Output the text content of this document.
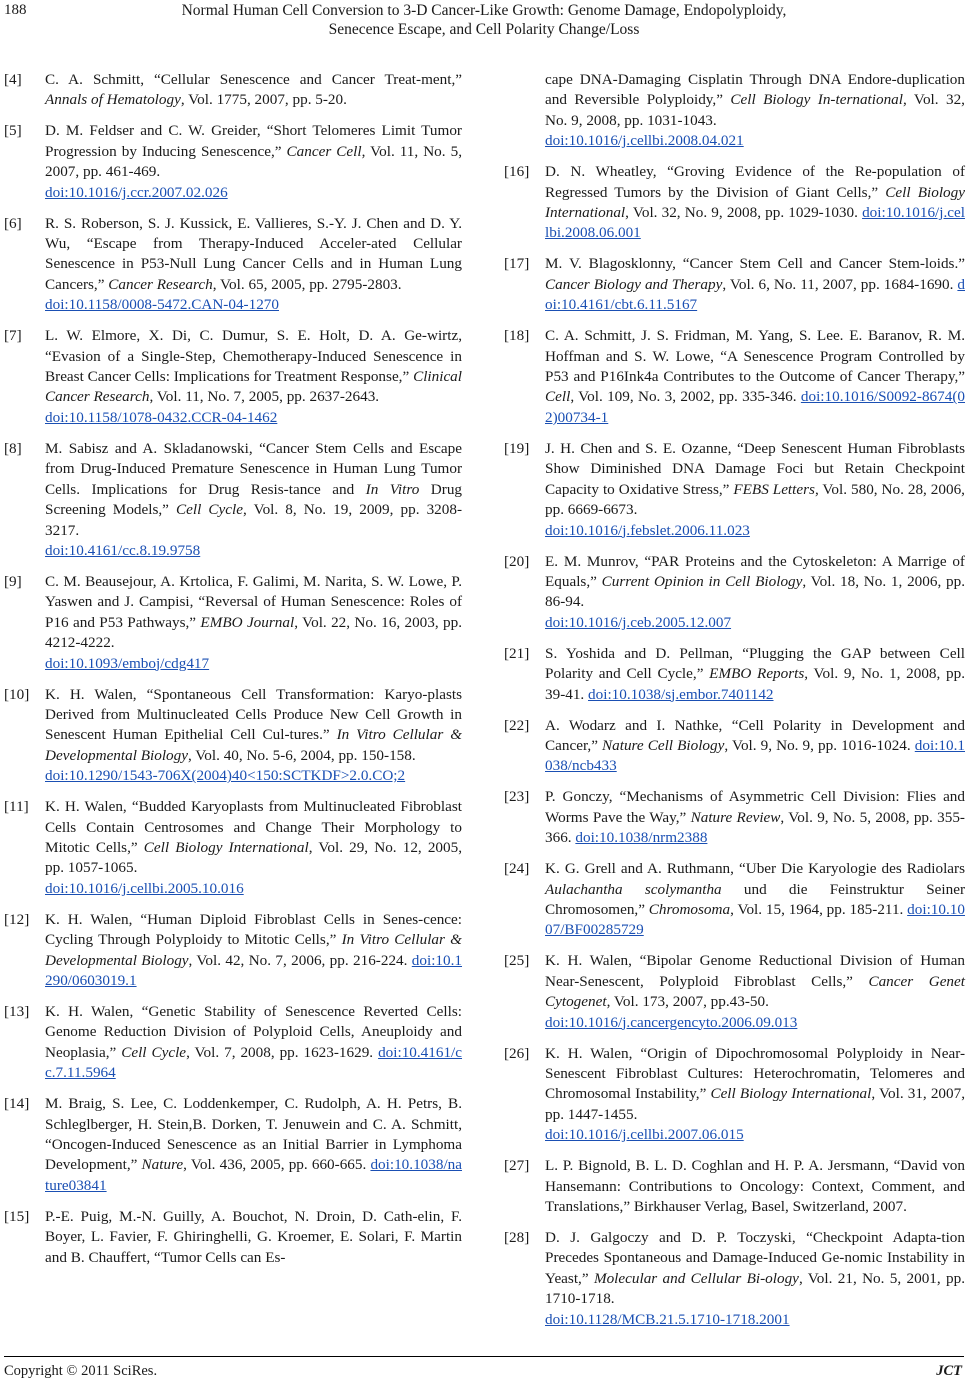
188	Normal Human Cell Conversion to 3-D Cancer-Like Growth: Genome Damage, Endopolyploidy,
Senecence Escape, and Cell Polarity Change/Loss
[4] C. A. Schmitt, “Cellular Senescence and Cancer Treat-ment,” Annals of Hematology, Vol. 1775, 2007, pp. 5-20.
[5] D. M. Feldser and C. W. Greider, “Short Telomeres Limit Tumor Progression by Inducing Senescence,” Cancer Cell, Vol. 11, No. 5, 2007, pp. 461-469.
doi:10.1016/j.ccr.2007.02.026
[6] R. S. Roberson, S. J. Kussick, E. Vallieres, S.-Y. J. Chen and D. Y. Wu, “Escape from Therapy-Induced Acceler-ated Cellular Senescence in P53-Null Lung Cancer Cells and in Human Lung Cancers,” Cancer Research, Vol. 65, 2005, pp. 2795-2803.
doi:10.1158/0008-5472.CAN-04-1270
[7] L. W. Elmore, X. Di, C. Dumur, S. E. Holt, D. A. Ge-wirtz, “Evasion of a Single-Step, Chemotherapy-Induced Senescence in Breast Cancer Cells: Implications for Treatment Response,” Clinical Cancer Research, Vol. 11, No. 7, 2005, pp. 2637-2643.
doi:10.1158/1078-0432.CCR-04-1462
[8] M. Sabisz and A. Skladanowski, “Cancer Stem Cells and Escape from Drug-Induced Premature Senescence in Human Lung Tumor Cells. Implications for Drug Resis-tance and In Vitro Drug Screening Models,” Cell Cycle, Vol. 8, No. 19, 2009, pp. 3208-3217.
doi:10.4161/cc.8.19.9758
[9] C. M. Beausejour, A. Krtolica, F. Galimi, M. Narita, S. W. Lowe, P. Yaswen and J. Campisi, “Reversal of Human Senescence: Roles of P16 and P53 Pathways,” EMBO Journal, Vol. 22, No. 16, 2003, pp. 4212-4222.
doi:10.1093/emboj/cdg417
[10] K. H. Walen, “Spontaneous Cell Transformation: Karyo-plasts Derived from Multinucleated Cells Produce New Cell Growth in Senescent Human Epithelial Cell Cul-tures.” In Vitro Cellular & Developmental Biology, Vol. 40, No. 5-6, 2004, pp. 150-158.
doi:10.1290/1543-706X(2004)40<150:SCTKDF>2.0.CO;2
[11] K. H. Walen, “Budded Karyoplasts from Multinucleated Fibroblast Cells Contain Centrosomes and Change Their Morphology to Mitotic Cells,” Cell Biology International, Vol. 29, No. 12, 2005, pp. 1057-1065.
doi:10.1016/j.cellbi.2005.10.016
[12] K. H. Walen, “Human Diploid Fibroblast Cells in Senes-cence: Cycling Through Polyploidy to Mitotic Cells,” In Vitro Cellular & Developmental Biology, Vol. 42, No. 7, 2006, pp. 216-224. doi:10.1290/0603019.1
[13] K. H. Walen, “Genetic Stability of Senescence Reverted Cells: Genome Reduction Division of Polyploid Cells, Aneuploidy and Neoplasia,” Cell Cycle, Vol. 7, 2008, pp. 1623-1629. doi:10.4161/cc.7.11.5964
[14] M. Braig, S. Lee, C. Loddenkemper, C. Rudolph, A. H. Petrs, B. Schleglberger, H. Stein,B. Dorken, T. Jenuwein and C. A. Schmitt, “Oncogen-Induced Senescence as an Initial Barrier in Lymphoma Development,” Nature, Vol. 436, 2005, pp. 660-665. doi:10.1038/nature03841
[15] P.-E. Puig, M.-N. Guilly, A. Bouchot, N. Droin, D. Cath-elin, F. Boyer, L. Favier, F. Ghiringhelli, G. Kroemer, E. Solari, F. Martin and B. Chauffert, “Tumor Cells can Es-
cape DNA-Damaging Cisplatin Through DNA Endore-duplication and Reversible Polyploidy,” Cell Biology In-ternational, Vol. 32, No. 9, 2008, pp. 1031-1043.
doi:10.1016/j.cellbi.2008.04.021
[16] D. N. Wheatley, “Groving Evidence of the Re-population of Regressed Tumors by the Division of Giant Cells,” Cell Biology International, Vol. 32, No. 9, 2008, pp. 1029-1030. doi:10.1016/j.cellbi.2008.06.001
[17] M. V. Blagosklonny, “Cancer Stem Cell and Cancer Stem-loids.” Cancer Biology and Therapy, Vol. 6, No. 11, 2007, pp. 1684-1690. doi:10.4161/cbt.6.11.5167
[18] C. A. Schmitt, J. S. Fridman, M. Yang, S. Lee. E. Baranov, R. M. Hoffman and S. W. Lowe, “A Senescence Program Controlled by P53 and P16Ink4a Contributes to the Outcome of Cancer Therapy,” Cell, Vol. 109, No. 3, 2002, pp. 335-346. doi:10.1016/S0092-8674(02)00734-1
[19] J. H. Chen and S. E. Ozanne, “Deep Senescent Human Fibroblasts Show Diminished DNA Damage Foci but Retain Checkpoint Capacity to Oxidative Stress,” FEBS Letters, Vol. 580, No. 28, 2006, pp. 6669-6673.
doi:10.1016/j.febslet.2006.11.023
[20] E. M. Munrov, “PAR Proteins and the Cytoskeleton: A Marrige of Equals,” Current Opinion in Cell Biology, Vol. 18, No. 1, 2006, pp. 86-94.
doi:10.1016/j.ceb.2005.12.007
[21] S. Yoshida and D. Pellman, “Plugging the GAP between Cell Polarity and Cell Cycle,” EMBO Reports, Vol. 9, No. 1, 2008, pp. 39-41. doi:10.1038/sj.embor.7401142
[22] A. Wodarz and I. Nathke, “Cell Polarity in Development and Cancer,” Nature Cell Biology, Vol. 9, No. 9, pp. 1016-1024. doi:10.1038/ncb433
[23] P. Gonczy, “Mechanisms of Asymmetric Cell Division: Flies and Worms Pave the Way,” Nature Review, Vol. 9, No. 5, 2008, pp. 355-366. doi:10.1038/nrm2388
[24] K. G. Grell and A. Ruthmann, “Uber Die Karyologie des Radiolars Aulachantha scolymantha und die Feinstruktur Seiner Chromosomen,” Chromosoma, Vol. 15, 1964, pp. 185-211. doi:10.1007/BF00285729
[25] K. H. Walen, “Bipolar Genome Reductional Division of Human Near-Senescent, Polyploid Fibroblast Cells,” Cancer Genet Cytogenet, Vol. 173, 2007, pp.43-50.
doi:10.1016/j.cancergencyto.2006.09.013
[26] K. H. Walen, “Origin of Dipochromosomal Polyploidy in Near-Senescent Fibroblast Cultures: Heterochromatin, Telomeres and Chromosomal Instability,” Cell Biology International, Vol. 31, 2007, pp. 1447-1455.
doi:10.1016/j.cellbi.2007.06.015
[27] L. P. Bignold, B. L. D. Coghlan and H. P. A. Jersmann, “David von Hansemann: Contributions to Oncology: Context, Comment, and Translations,” Birkhauser Verlag, Basel, Switzerland, 2007.
[28] D. J. Galgoczy and D. P. Toczyski, “Checkpoint Adapta-tion Precedes Spontaneous and Damage-Induced Ge-nomic Instability in Yeast,” Molecular and Cellular Bi-ology, Vol. 21, No. 5, 2001, pp. 1710-1718.
doi:10.1128/MCB.21.5.1710-1718.2001
Copyright © 2011 SciRes.	JCT
